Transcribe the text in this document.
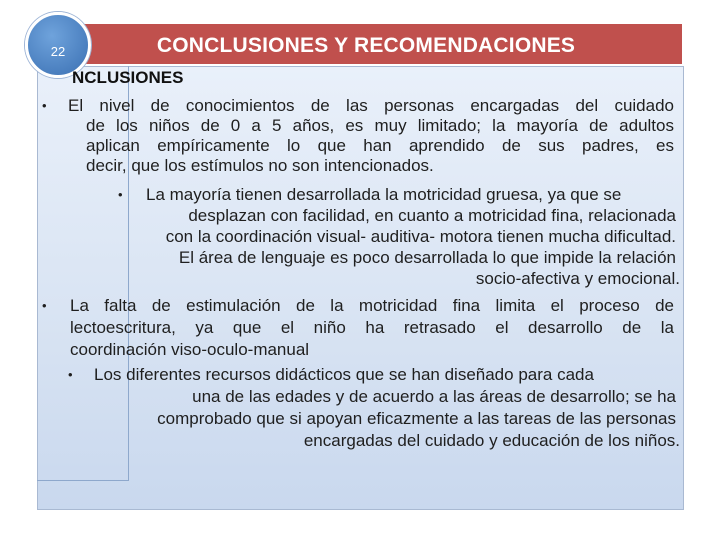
CONCLUSIONES Y RECOMENDACIONES
22
NCLUSIONES
• El nivel de conocimientos de las personas encargadas del cuidado
de los niños de 0 a 5 años, es muy limitado; la mayoría de adultos
aplican empíricamente lo que han aprendido de sus padres, es
decir, que los estímulos no son intencionados.
• La mayoría tienen desarrollada la motricidad gruesa, ya que se
desplazan con facilidad, en cuanto a motricidad fina, relacionada
con la coordinación visual- auditiva- motora tienen mucha dificultad.
El área de lenguaje es poco desarrollada lo que impide la relación
socio-afectiva y emocional.
• La falta de estimulación de la motricidad fina limita el proceso de
lectoescritura, ya que el niño ha retrasado el desarrollo de la
coordinación viso-oculo-manual
• Los diferentes recursos didácticos que se han diseñado para cada
una de las edades y de acuerdo a las áreas de desarrollo; se ha
comprobado que si apoyan eficazmente a las tareas de las personas
encargadas del cuidado y educación de los niños.
